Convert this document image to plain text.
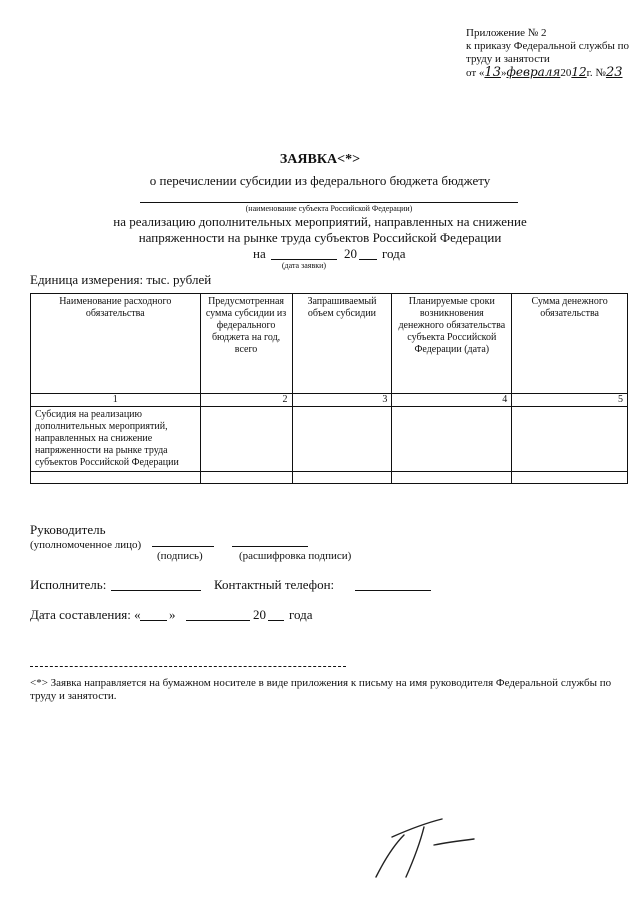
Приложение № 2
к приказу Федеральной службы по
труду и занятости
от «13»февраля2012г. №23
ЗАЯВКА<*>
о перечислении субсидии из федерального бюджета бюджету
(наименование субъекта Российской Федерации)
на реализацию дополнительных мероприятий, направленных на снижение
напряженности на рынке труда субъектов Российской Федерации
на	20 года
(дата заявки)
Единица измерения: тыс. рублей
Наименование расходного обязательства	Предусмотренная сумма субсидии из федерального бюджета на год, всего	Запрашиваемый объем субсидии	Планируемые сроки возникновения денежного обязательства субъекта Российской Федерации (дата)	Сумма денежного обязательства
1	2	3	4	5
Субсидия на реализацию дополнительных мероприятий, направленных на снижение напряженности на рынке труда субъектов Российской Федерации				

Руководитель
(уполномоченное лицо)
(подпись)	(расшифровка подписи)
Исполнитель:	Контактный телефон:
Дата составления: « »	20 года
<*> Заявка направляется на бумажном носителе в виде приложения к письму на имя руководителя Федеральной службы по труду и занятости.
